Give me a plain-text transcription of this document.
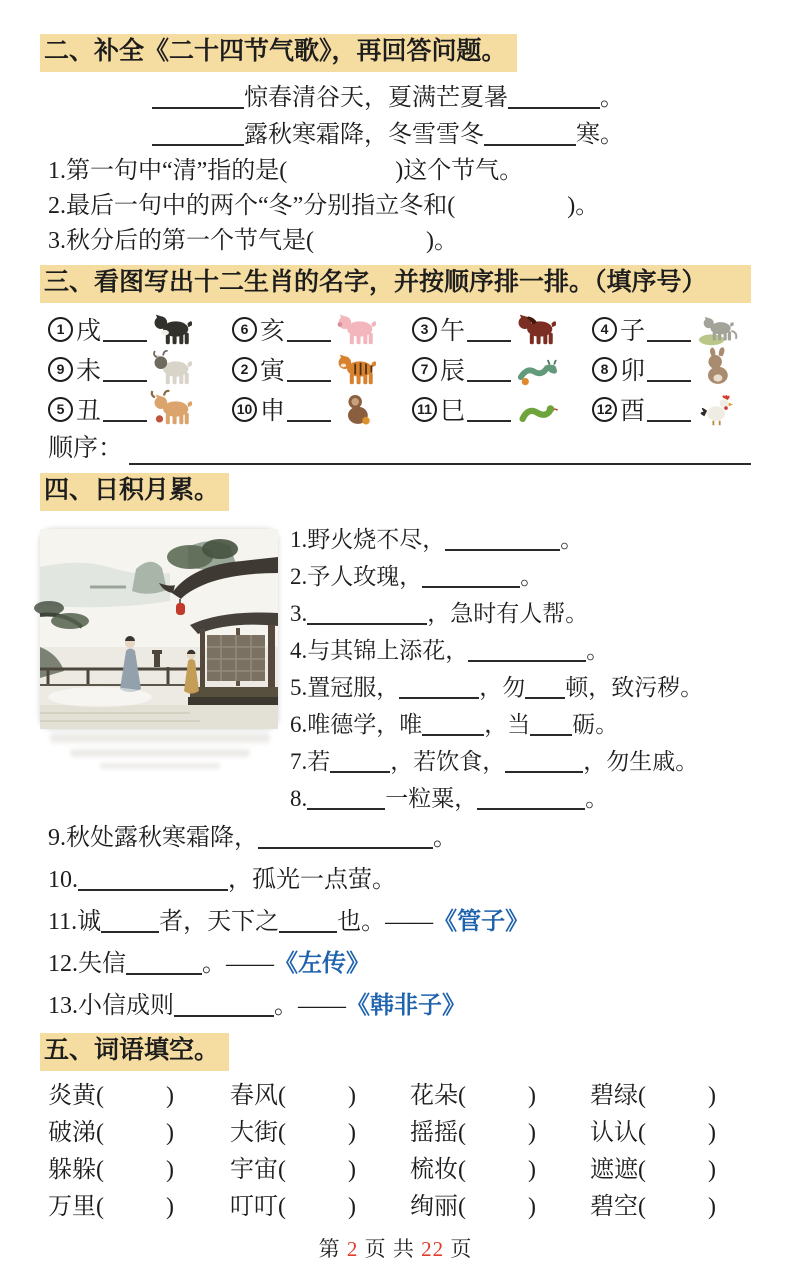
二、补全《二十四节气歌》，再回答问题。
惊春清谷天，夏满芒夏暑	。
露秋寒霜降，冬雪雪冬	寒。
1.第一句中“清”指的是(	)这个节气。
2.最后一句中的两个“冬”分别指立冬和(	)。
3.秋分后的第一个节气是(	)。
三、看图写出十二生肖的名字，并按顺序排一排。（填序号）
1 戌	6 亥	3 午	4 子
9 未	2 寅	7 辰	8 卯
5 丑	10 申	11 巳	12 酉
顺序：
四、日积月累。
1.野火烧不尽，	。
2.予人玫瑰，	。
3.	，急时有人帮。
4.与其锦上添花，	。
5.置冠服，	，勿 顿，致污秽。
6.唯德学，唯	，当 砺。
7.若	，若饮食，	，勿生戚。
8.	一粒粟，	。
9.秋处露秋寒霜降，	。
10.	，孤光一点萤。
11.诚 者，天下之 也。——《管子》
12.失信	。——《左传》
13.小信成则	。——《韩非子》
五、词语填空。
炎黄(	)	春风(	)	花朵(	)	碧绿(	)
破涕(	)	大街(	)	摇摇(	)	认认(	)
躲躲(	)	宇宙(	)	梳妆(	)	遮遮(	)
万里(	)	叮叮(	)	绚丽(	)	碧空(	)
第 2 页 共 22 页
